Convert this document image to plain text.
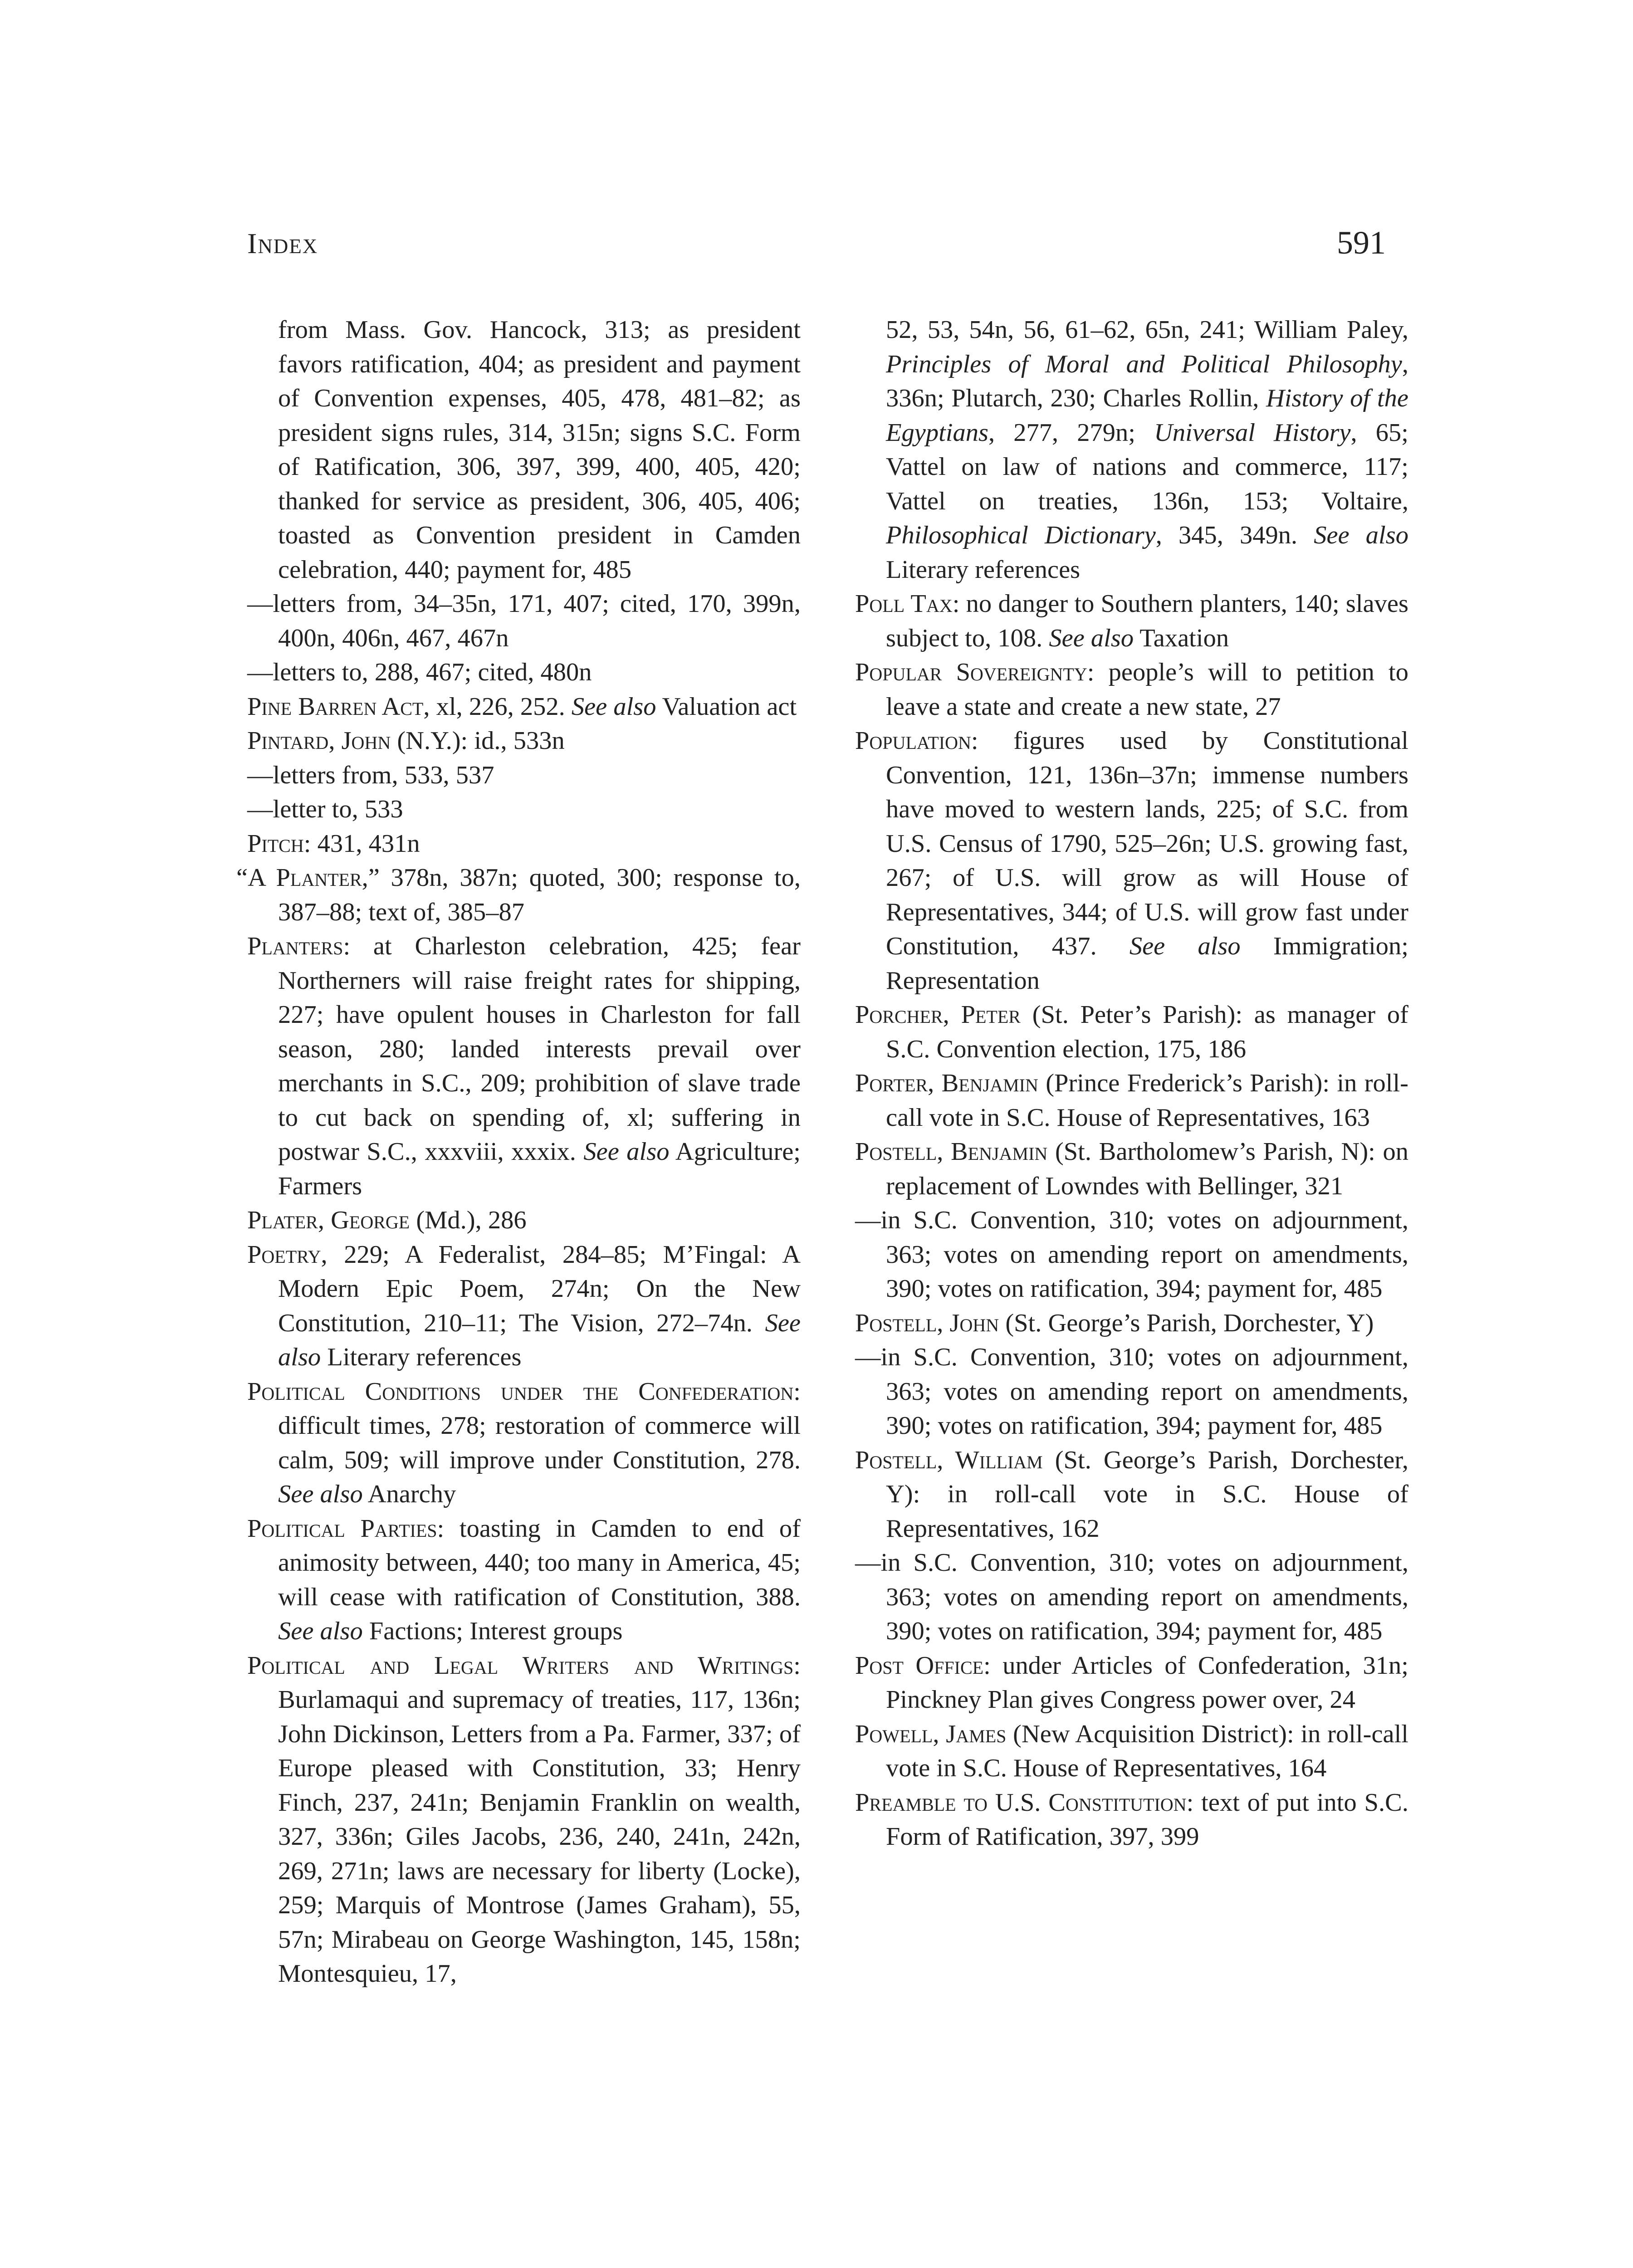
Index	591

from Mass. Gov. Hancock, 313; as president favors ratification, 404; as president and payment of Convention expenses, 405, 478, 481–82; as president signs rules, 314, 315n; signs S.C. Form of Ratification, 306, 397, 399, 400, 405, 420; thanked for service as president, 306, 405, 406; toasted as Convention president in Camden celebration, 440; payment for, 485

—letters from, 34–35n, 171, 407; cited, 170, 399n, 400n, 406n, 467, 467n

—letters to, 288, 467; cited, 480n

Pine Barren Act, xl, 226, 252. See also Valuation act

Pintard, John (N.Y.): id., 533n

—letters from, 533, 537

—letter to, 533

Pitch: 431, 431n

“A Planter,” 378n, 387n; quoted, 300; response to, 387–88; text of, 385–87

Planters: at Charleston celebration, 425; fear Northerners will raise freight rates for shipping, 227; have opulent houses in Charleston for fall season, 280; landed interests prevail over merchants in S.C., 209; prohibition of slave trade to cut back on spending of, xl; suffering in postwar S.C., xxxviii, xxxix. See also Agriculture; Farmers

Plater, George (Md.), 286

Poetry, 229; A Federalist, 284–85; M’Fingal: A Modern Epic Poem, 274n; On the New Constitution, 210–11; The Vision, 272–74n. See also Literary references

Political Conditions under the Confederation: difficult times, 278; restoration of commerce will calm, 509; will improve under Constitution, 278. See also Anarchy

Political Parties: toasting in Camden to end of animosity between, 440; too many in America, 45; will cease with ratification of Constitution, 388. See also Factions; Interest groups

Political and Legal Writers and Writings: Burlamaqui and supremacy of treaties, 117, 136n; John Dickinson, Letters from a Pa. Farmer, 337; of Europe pleased with Constitution, 33; Henry Finch, 237, 241n; Benjamin Franklin on wealth, 327, 336n; Giles Jacobs, 236, 240, 241n, 242n, 269, 271n; laws are necessary for liberty (Locke), 259; Marquis of Montrose (James Graham), 55, 57n; Mirabeau on George Washington, 145, 158n; Montesquieu, 17,

52, 53, 54n, 56, 61–62, 65n, 241; William Paley, Principles of Moral and Political Philosophy, 336n; Plutarch, 230; Charles Rollin, History of the Egyptians, 277, 279n; Universal History, 65; Vattel on law of nations and commerce, 117; Vattel on treaties, 136n, 153; Voltaire, Philosophical Dictionary, 345, 349n. See also Literary references

Poll Tax: no danger to Southern planters, 140; slaves subject to, 108. See also Taxation

Popular Sovereignty: people’s will to petition to leave a state and create a new state, 27

Population: figures used by Constitutional Convention, 121, 136n–37n; immense numbers have moved to western lands, 225; of S.C. from U.S. Census of 1790, 525–26n; U.S. growing fast, 267; of U.S. will grow as will House of Representatives, 344; of U.S. will grow fast under Constitution, 437. See also Immigration; Representation

Porcher, Peter (St. Peter’s Parish): as manager of S.C. Convention election, 175, 186

Porter, Benjamin (Prince Frederick’s Parish): in roll-call vote in S.C. House of Representatives, 163

Postell, Benjamin (St. Bartholomew’s Parish, N): on replacement of Lowndes with Bellinger, 321

—in S.C. Convention, 310; votes on adjournment, 363; votes on amending report on amendments, 390; votes on ratification, 394; payment for, 485

Postell, John (St. George’s Parish, Dorchester, Y)

—in S.C. Convention, 310; votes on adjournment, 363; votes on amending report on amendments, 390; votes on ratification, 394; payment for, 485

Postell, William (St. George’s Parish, Dorchester, Y): in roll-call vote in S.C. House of Representatives, 162

—in S.C. Convention, 310; votes on adjournment, 363; votes on amending report on amendments, 390; votes on ratification, 394; payment for, 485

Post Office: under Articles of Confederation, 31n; Pinckney Plan gives Congress power over, 24

Powell, James (New Acquisition District): in roll-call vote in S.C. House of Representatives, 164

Preamble to U.S. Constitution: text of put into S.C. Form of Ratification, 397, 399
